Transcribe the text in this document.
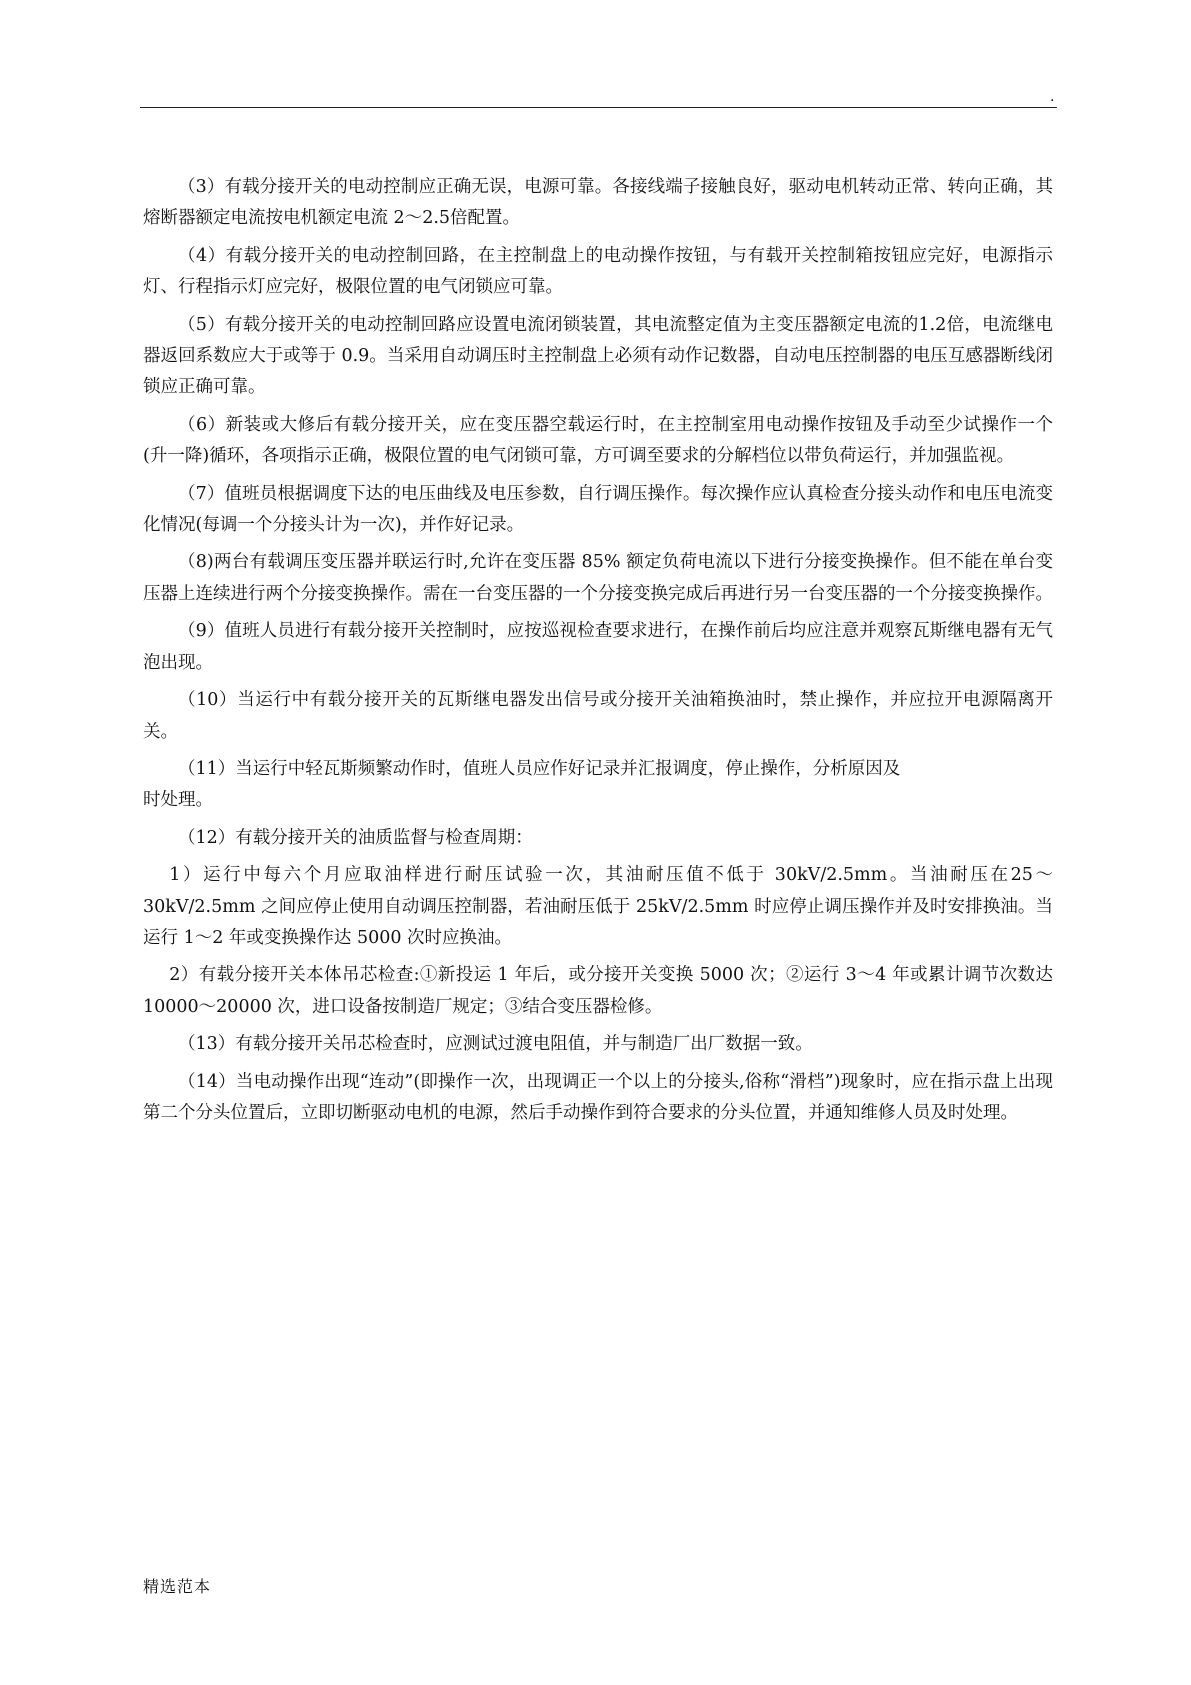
.

（3）有载分接开关的电动控制应正确无误，电源可靠。各接线端子接触良好，驱动电机转动正常、转向正确，其熔断器额定电流按电机额定电流 2～2.5倍配置。

（4）有载分接开关的电动控制回路，在主控制盘上的电动操作按钮，与有载开关控制箱按钮应完好，电源指示灯、行程指示灯应完好，极限位置的电气闭锁应可靠。

（5）有载分接开关的电动控制回路应设置电流闭锁装置，其电流整定值为主变压器额定电流的1.2倍，电流继电器返回系数应大于或等于 0.9。当采用自动调压时主控制盘上必须有动作记数器，自动电压控制器的电压互感器断线闭锁应正确可靠。

（6）新装或大修后有载分接开关，应在变压器空载运行时，在主控制室用电动操作按钮及手动至少试操作一个(升一降)循环，各项指示正确，极限位置的电气闭锁可靠，方可调至要求的分解档位以带负荷运行，并加强监视。

（7）值班员根据调度下达的电压曲线及电压参数，自行调压操作。每次操作应认真检查分接头动作和电压电流变化情况(每调一个分接头计为一次)，并作好记录。

（8)两台有载调压变压器并联运行时,允许在变压器 85% 额定负荷电流以下进行分接变换操作。但不能在单台变压器上连续进行两个分接变换操作。需在一台变压器的一个分接变换完成后再进行另一台变压器的一个分接变换操作。

（9）值班人员进行有载分接开关控制时，应按巡视检查要求进行，在操作前后均应注意并观察瓦斯继电器有无气泡出现。

（10）当运行中有载分接开关的瓦斯继电器发出信号或分接开关油箱换油时，禁止操作，并应拉开电源隔离开关。

（11）当运行中轻瓦斯频繁动作时，值班人员应作好记录并汇报调度，停止操作，分析原因及

时处理。

（12）有载分接开关的油质监督与检查周期：

1）运行中每六个月应取油样进行耐压试验一次，其油耐压值不低于 30kV/2.5mm。当油耐压在25～30kV/2.5mm 之间应停止使用自动调压控制器，若油耐压低于 25kV/2.5mm 时应停止调压操作并及时安排换油。当运行 1～2 年或变换操作达 5000 次时应换油。

2）有载分接开关本体吊芯检查:①新投运 1 年后，或分接开关变换 5000 次；②运行 3～4 年或累计调节次数达 10000～20000 次，进口设备按制造厂规定；③结合变压器检修。

（13）有载分接开关吊芯检查时，应测试过渡电阻值，并与制造厂出厂数据一致。

（14）当电动操作出现“连动”(即操作一次，出现调正一个以上的分接头,俗称“滑档”)现象时，应在指示盘上出现第二个分头位置后，立即切断驱动电机的电源，然后手动操作到符合要求的分头位置，并通知维修人员及时处理。

精选范本
